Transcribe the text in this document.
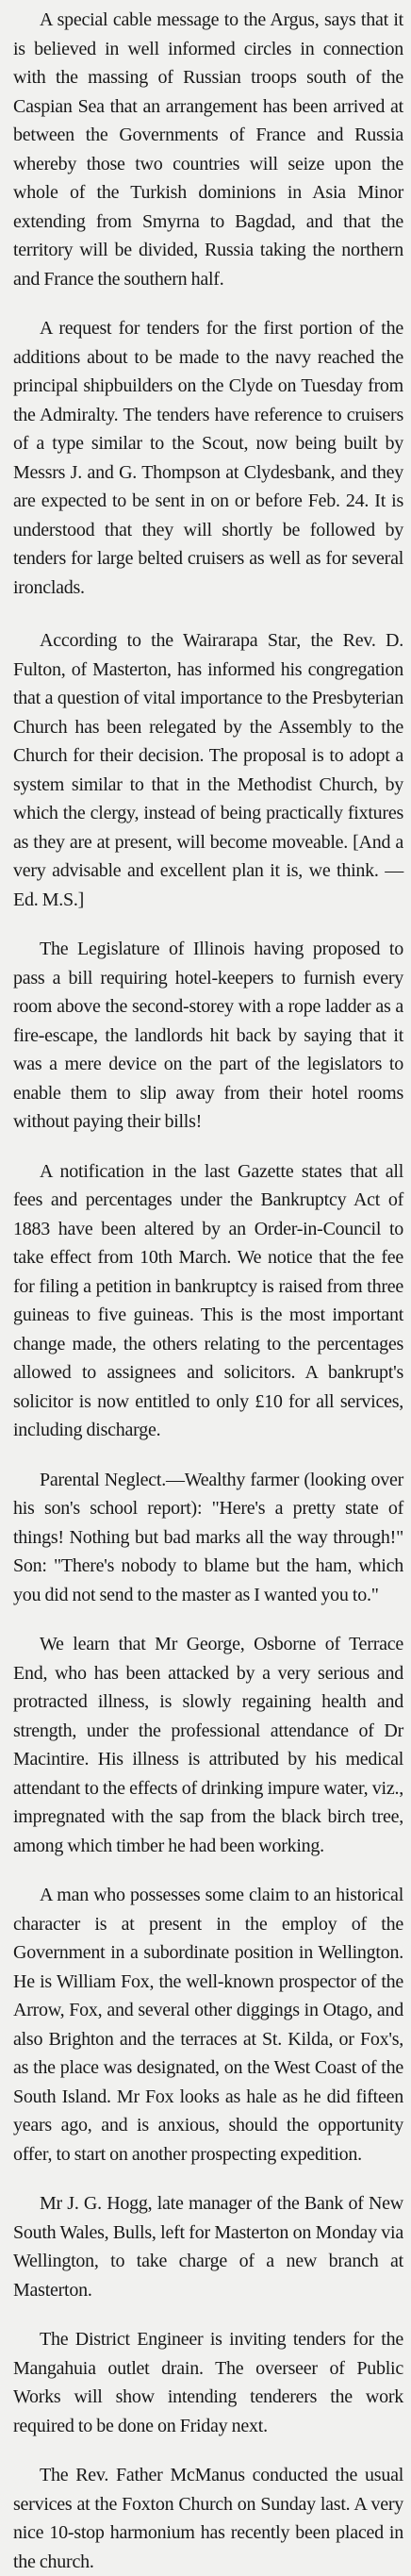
A special cable message to the Argus, says that it is believed in well informed circles in connection with the massing of Russian troops south of the Caspian Sea that an arrangement has been arrived at between the Governments of France and Russia whereby those two countries will seize upon the whole of the Turkish dominions in Asia Minor extending from Smyrna to Bagdad, and that the territory will be divided, Russia taking the northern and France the southern half.

A request for tenders for the first portion of the additions about to be made to the navy reached the principal shipbuilders on the Clyde on Tuesday from the Admiralty. The tenders have reference to cruisers of a type similar to the Scout, now being built by Messrs J. and G. Thompson at Clydesbank, and they are expected to be sent in on or before Feb. 24. It is understood that they will shortly be followed by tenders for large belted cruisers as well as for several ironclads.

According to the Wairarapa Star, the Rev. D. Fulton, of Masterton, has informed his congregation that a question of vital importance to the Presbyterian Church has been relegated by the Assembly to the Church for their decision. The proposal is to adopt a system similar to that in the Methodist Church, by which the clergy, instead of being practically fixtures as they are at present, will become moveable. [And a very advisable and excellent plan it is, we think. —Ed. M.S.]

The Legislature of Illinois having proposed to pass a bill requiring hotel-keepers to furnish every room above the second-storey with a rope ladder as a fire-escape, the landlords hit back by saying that it was a mere device on the part of the legislators to enable them to slip away from their hotel rooms without paying their bills!

A notification in the last Gazette states that all fees and percentages under the Bankruptcy Act of 1883 have been altered by an Order-in-Council to take effect from 10th March. We notice that the fee for filing a petition in bankruptcy is raised from three guineas to five guineas. This is the most important change made, the others relating to the percentages allowed to assignees and solicitors. A bankrupt's solicitor is now entitled to only £10 for all services, including discharge.

Parental Neglect.—Wealthy farmer (looking over his son's school report): "Here's a pretty state of things! Nothing but bad marks all the way through!" Son: "There's nobody to blame but the ham, which you did not send to the master as I wanted you to."

We learn that Mr George, Osborne of Terrace End, who has been attacked by a very serious and protracted illness, is slowly regaining health and strength, under the professional attendance of Dr Macintire. His illness is attributed by his medical attendant to the effects of drinking impure water, viz., impregnated with the sap from the black birch tree, among which timber he had been working.

A man who possesses some claim to an historical character is at present in the employ of the Government in a subordinate position in Wellington. He is William Fox, the well-known prospector of the Arrow, Fox, and several other diggings in Otago, and also Brighton and the terraces at St. Kilda, or Fox's, as the place was designated, on the West Coast of the South Island. Mr Fox looks as hale as he did fifteen years ago, and is anxious, should the opportunity offer, to start on another prospecting expedition.

Mr J. G. Hogg, late manager of the Bank of New South Wales, Bulls, left for Masterton on Monday via Wellington, to take charge of a new branch at Masterton.

The District Engineer is inviting tenders for the Mangahuia outlet drain. The overseer of Public Works will show intending tenderers the work required to be done on Friday next.

The Rev. Father McManus conducted the usual services at the Foxton Church on Sunday last. A very nice 10-stop harmonium has recently been placed in the church.
